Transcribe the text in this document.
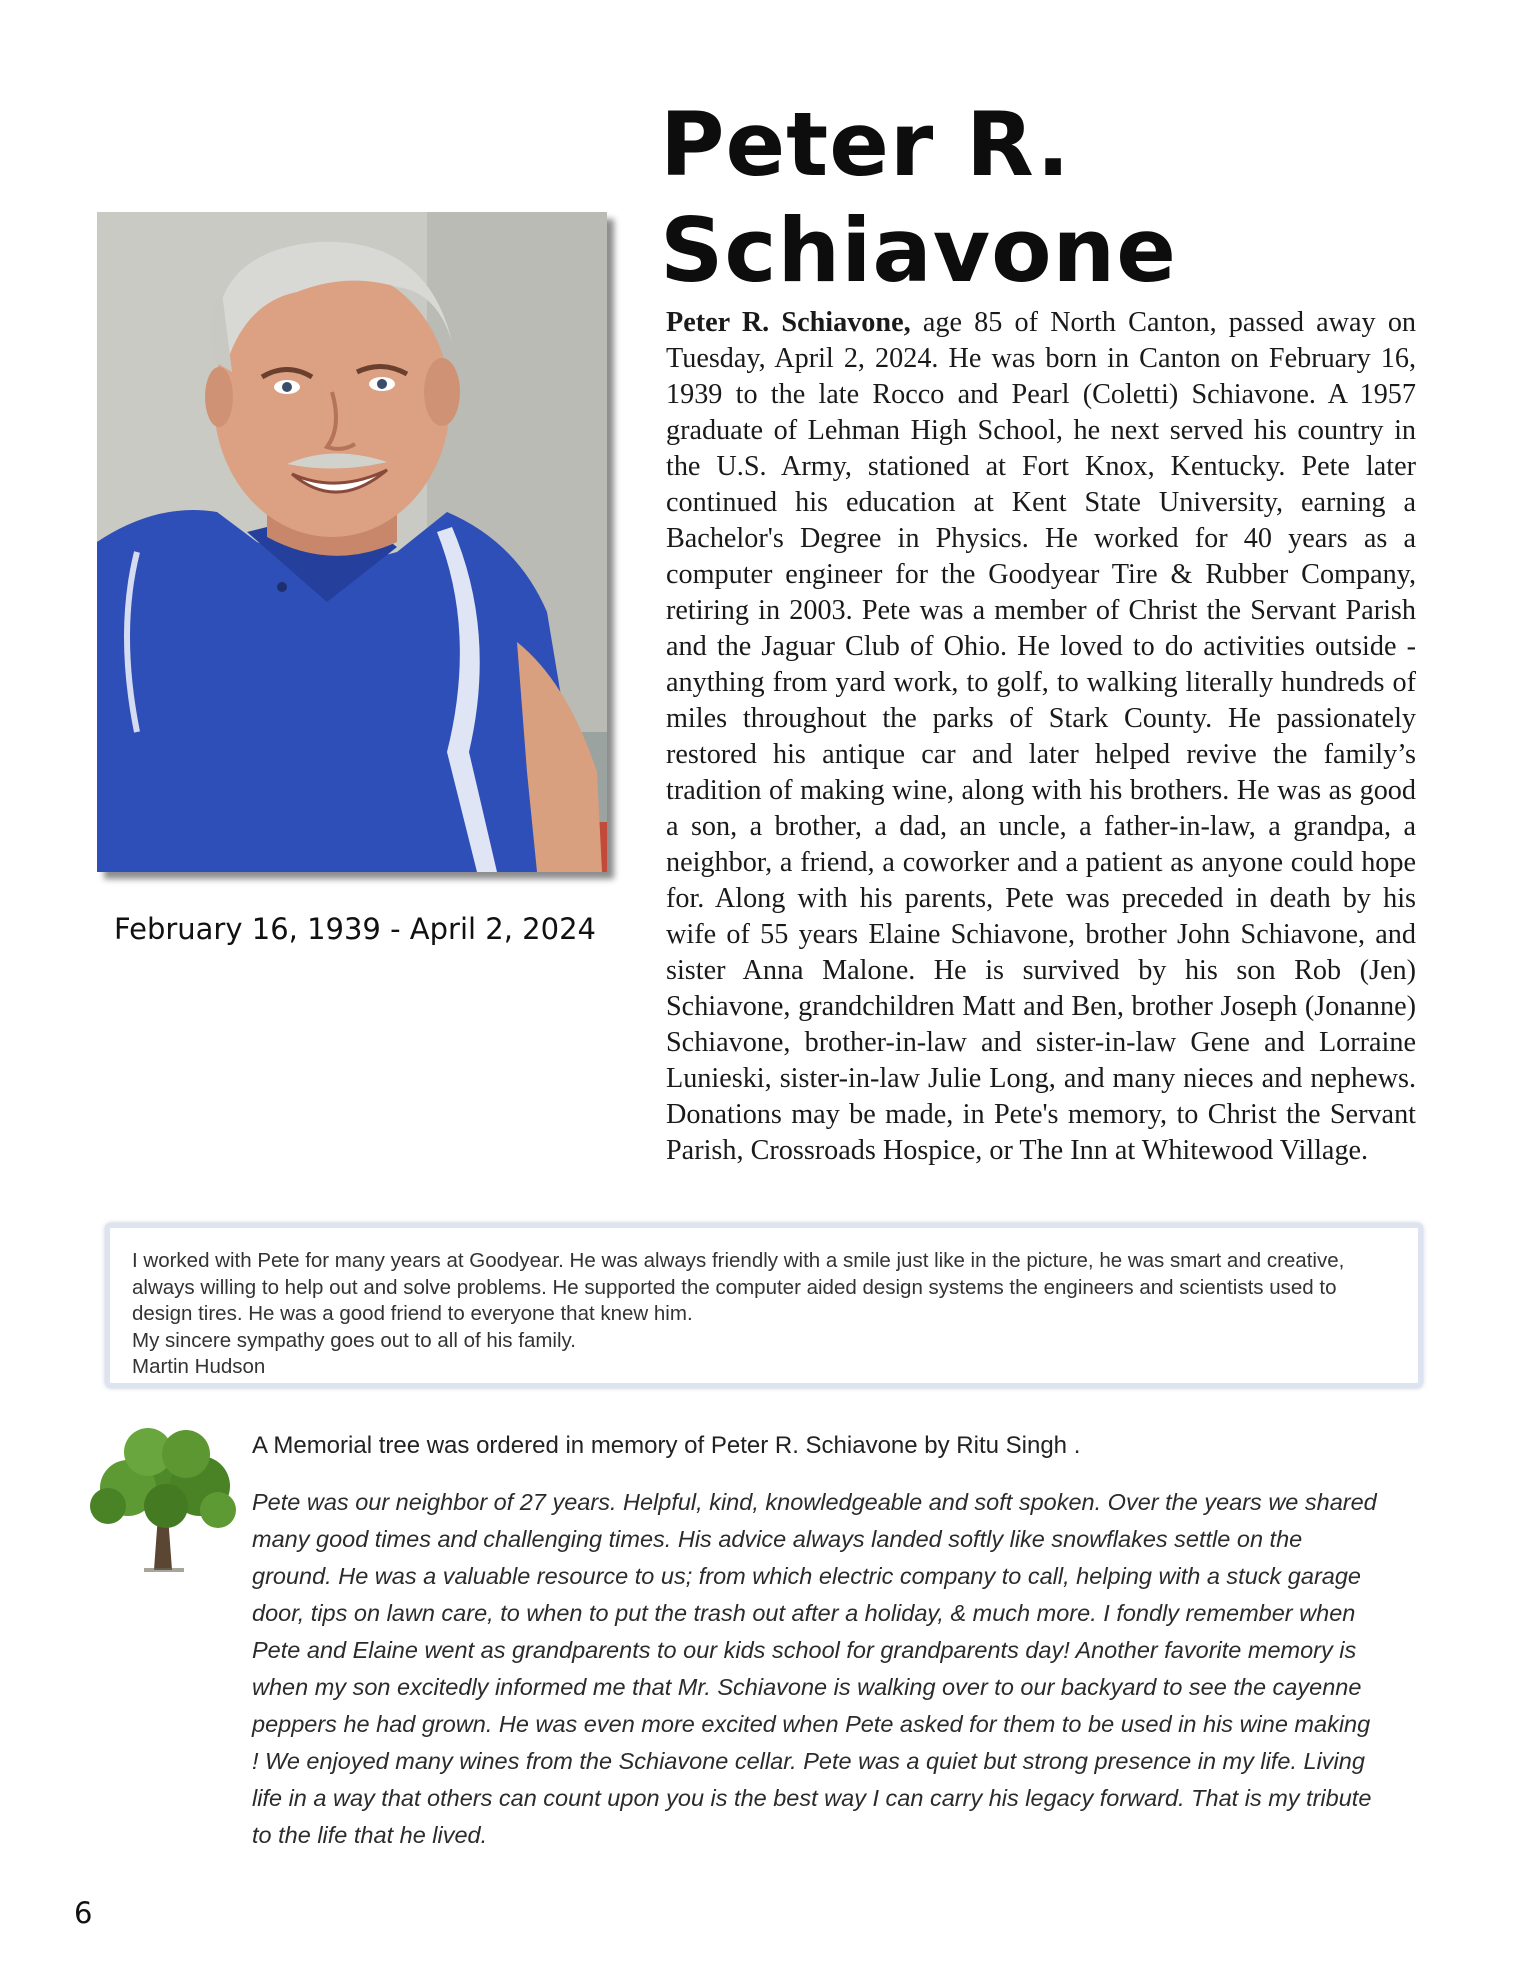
Peter R.
Schiavone
February 16, 1939 - April 2, 2024

Peter R. Schiavone, age 85 of North Canton, passed away on Tuesday, April 2, 2024. He was born in Canton on February 16, 1939 to the late Rocco and Pearl (Coletti) Schiavone. A 1957 graduate of Lehman High School, he next served his country in the U.S. Army, stationed at Fort Knox, Kentucky. Pete later continued his education at Kent State University, earning a Bachelor's Degree in Physics. He worked for 40 years as a computer engineer for the Goodyear Tire & Rubber Company, retiring in 2003. Pete was a member of Christ the Servant Parish and the Jaguar Club of Ohio. He loved to do activities outside - anything from yard work, to golf, to walking literally hundreds of miles throughout the parks of Stark County. He passionately restored his antique car and later helped revive the family’s tradition of making wine, along with his brothers. He was as good a son, a brother, a dad, an uncle, a father-in-law, a grandpa, a neighbor, a friend, a coworker and a patient as anyone could hope for. Along with his parents, Pete was preceded in death by his wife of 55 years Elaine Schiavone, brother John Schiavone, and sister Anna Malone. He is survived by his son Rob (Jen) Schiavone, grandchildren Matt and Ben, brother Joseph (Jonanne) Schiavone, brother-in-law and sister-in-law Gene and Lorraine Lunieski, sister-in-law Julie Long, and many nieces and nephews. Donations may be made, in Pete's memory, to Christ the Servant Parish, Crossroads Hospice, or The Inn at Whitewood Village.

I worked with Pete for many years at Goodyear. He was always friendly with a smile just like in the picture, he was smart and creative, always willing to help out and solve problems. He supported the computer aided design systems the engineers and scientists used to design tires. He was a good friend to everyone that knew him.

My sincere sympathy goes out to all of his family.

Martin Hudson

A Memorial tree was ordered in memory of Peter R. Schiavone by Ritu Singh .

Pete was our neighbor of 27 years. Helpful, kind, knowledgeable and soft spoken. Over the years we shared many good times and challenging times. His advice always landed softly like snowflakes settle on the ground. He was a valuable resource to us; from which electric company to call, helping with a stuck garage door, tips on lawn care, to when to put the trash out after a holiday, & much more. I fondly remember when Pete and Elaine went as grandparents to our kids school for grandparents day! Another favorite memory is when my son excitedly informed me that Mr. Schiavone is walking over to our backyard to see the cayenne peppers he had grown. He was even more excited when Pete asked for them to be used in his wine making ! We enjoyed many wines from the Schiavone cellar. Pete was a quiet but strong presence in my life. Living life in a way that others can count upon you is the best way I can carry his legacy forward. That is my tribute to the life that he lived.

6
